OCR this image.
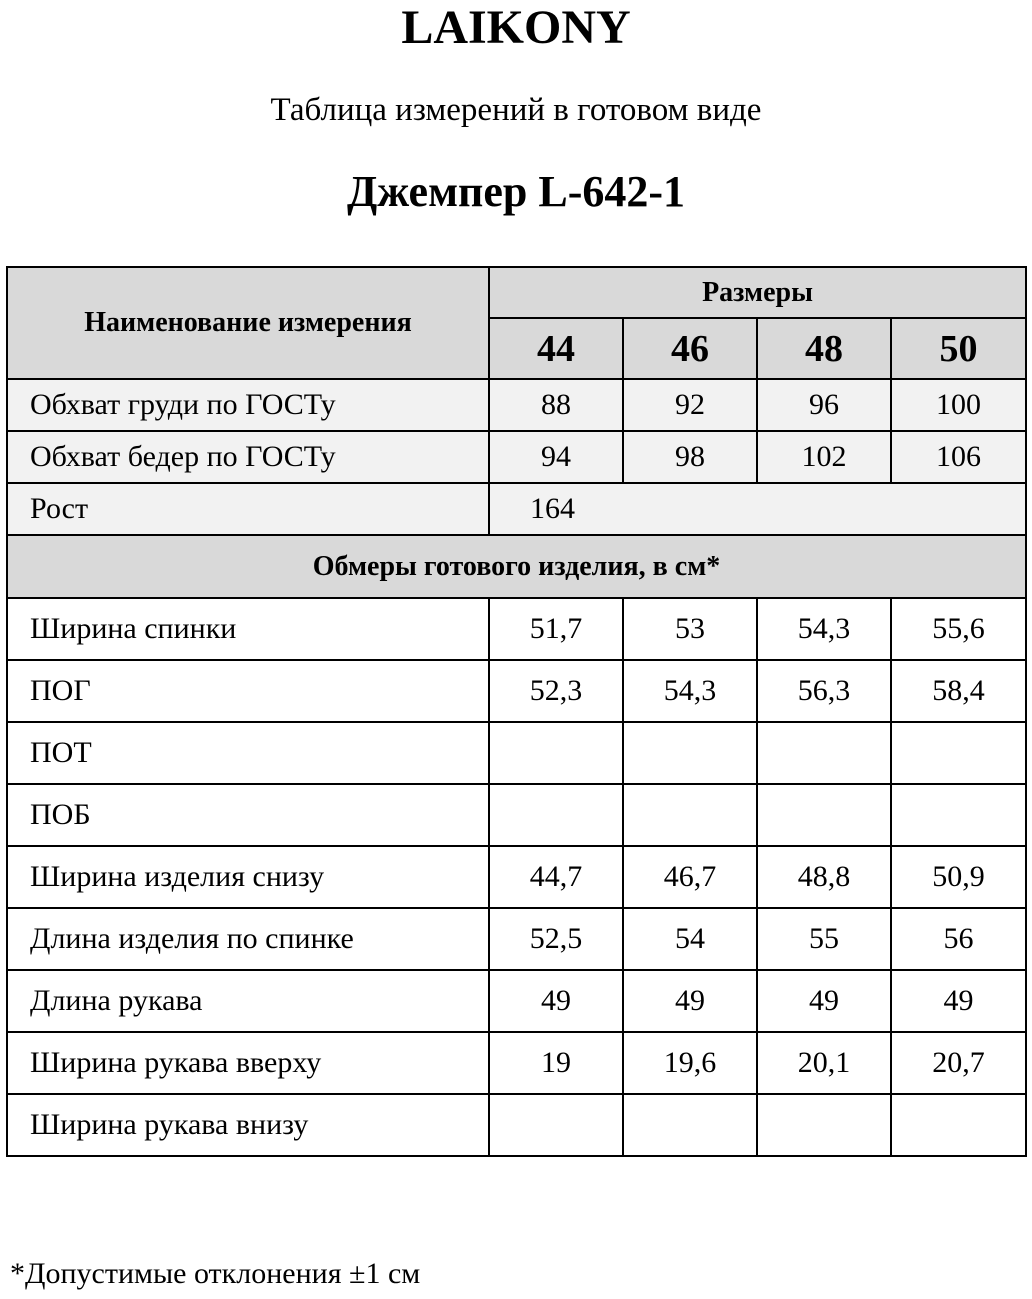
LAIKONY
Таблица измерений в готовом виде
Джемпер L-642-1
Наименование измерения	Размеры			
	44	46	48	50
Обхват груди по ГОСТу	88	92	96	100
Обхват бедер по ГОСТу	94	98	102	106
Рост	164			
Обмеры готового изделия, в см*				
Ширина спинки	51,7	53	54,3	55,6
ПОГ	52,3	54,3	56,3	58,4
ПОТ				
ПОБ				
Ширина изделия снизу	44,7	46,7	48,8	50,9
Длина изделия по спинке	52,5	54	55	56
Длина рукава	49	49	49	49
Ширина рукава вверху	19	19,6	20,1	20,7
Ширина рукава внизу				
*Допустимые отклонения ±1 см
